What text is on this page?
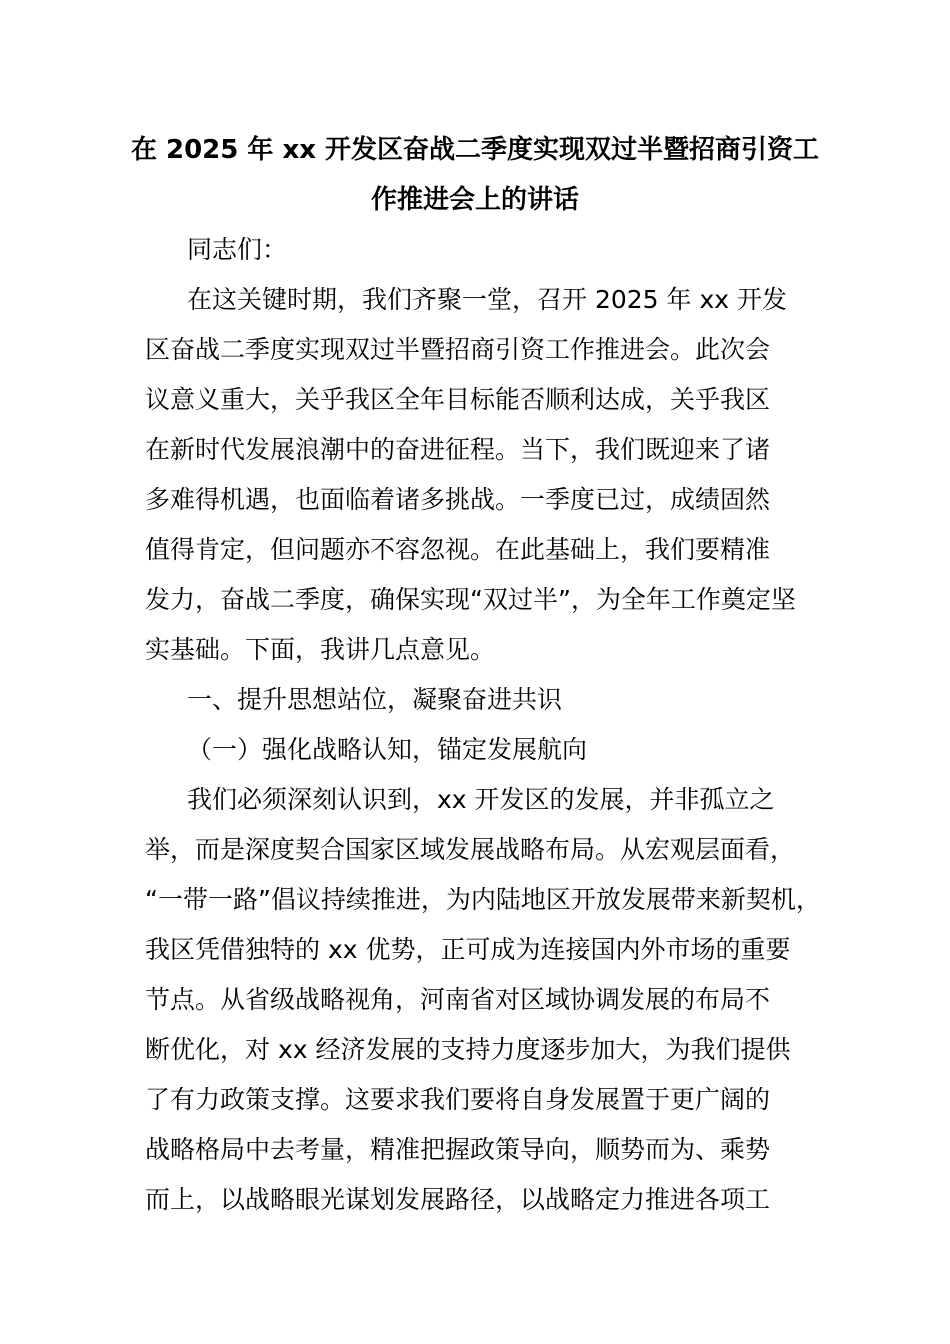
在 2025 年 xx 开发区奋战二季度实现双过半暨招商引资工
作推进会上的讲话
同志们：
在这关键时期，我们齐聚一堂，召开 2025 年 xx 开发
区奋战二季度实现双过半暨招商引资工作推进会。此次会
议意义重大，关乎我区全年目标能否顺利达成，关乎我区
在新时代发展浪潮中的奋进征程。当下，我们既迎来了诸
多难得机遇，也面临着诸多挑战。一季度已过，成绩固然
值得肯定，但问题亦不容忽视。在此基础上，我们要精准
发力，奋战二季度，确保实现“双过半”，为全年工作奠定坚
实基础。下面，我讲几点意见。
一、提升思想站位，凝聚奋进共识
（一）强化战略认知，锚定发展航向
我们必须深刻认识到，xx 开发区的发展，并非孤立之
举，而是深度契合国家区域发展战略布局。从宏观层面看，
“一带一路”倡议持续推进，为内陆地区开放发展带来新契机，
我区凭借独特的 xx 优势，正可成为连接国内外市场的重要
节点。从省级战略视角，河南省对区域协调发展的布局不
断优化，对 xx 经济发展的支持力度逐步加大，为我们提供
了有力政策支撑。这要求我们要将自身发展置于更广阔的
战略格局中去考量，精准把握政策导向，顺势而为、乘势
而上，以战略眼光谋划发展路径，以战略定力推进各项工
